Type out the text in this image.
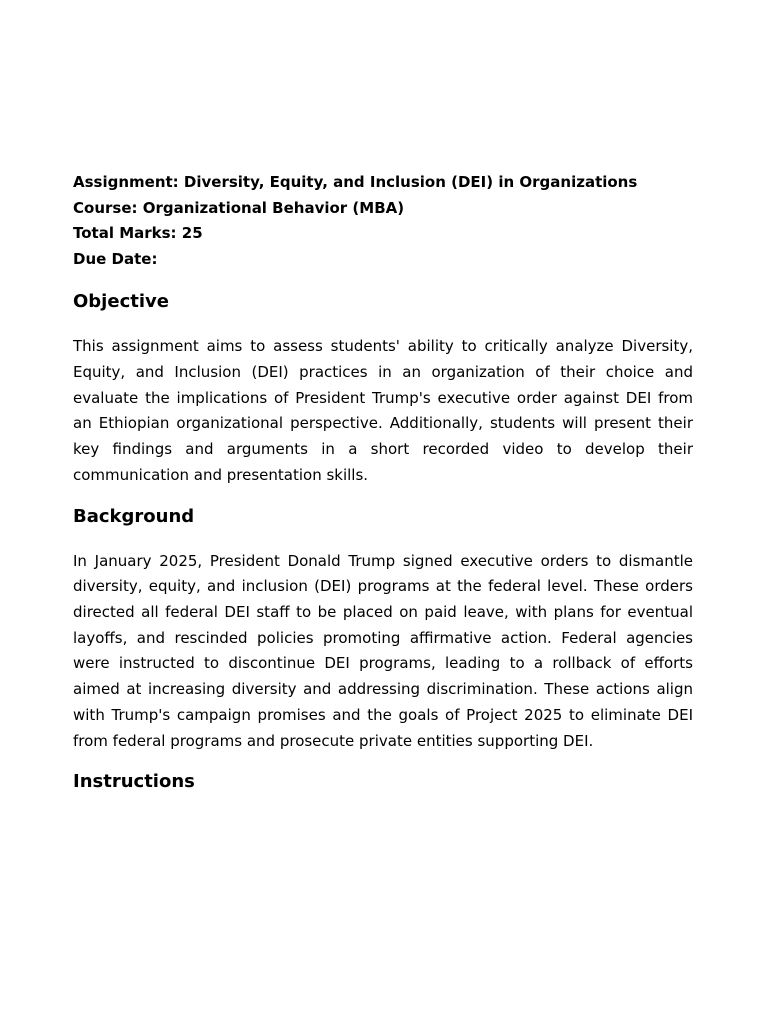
Assignment: Diversity, Equity, and Inclusion (DEI) in Organizations

Course: Organizational Behavior (MBA)

Total Marks: 25

Due Date:

Objective

This assignment aims to assess students' ability to critically analyze Diversity, Equity, and Inclusion (DEI) practices in an organization of their choice and evaluate the implications of President Trump's executive order against DEI from an Ethiopian organizational perspective. Additionally, students will present their key findings and arguments in a short recorded video to develop their communication and presentation skills.

Background

In January 2025, President Donald Trump signed executive orders to dismantle diversity, equity, and inclusion (DEI) programs at the federal level. These orders directed all federal DEI staff to be placed on paid leave, with plans for eventual layoffs, and rescinded policies promoting affirmative action. Federal agencies were instructed to discontinue DEI programs, leading to a rollback of efforts aimed at increasing diversity and addressing discrimination. These actions align with Trump's campaign promises and the goals of Project 2025 to eliminate DEI from federal programs and prosecute private entities supporting DEI.

Instructions
